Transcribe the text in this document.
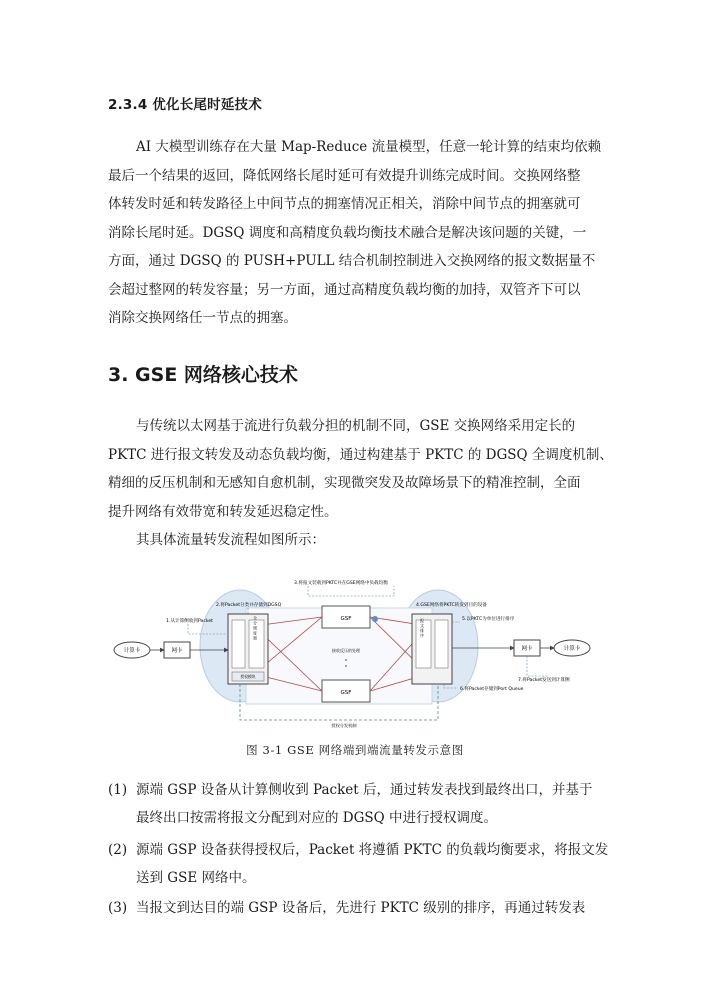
2.3.4 优化长尾时延技术
AI 大模型训练存在大量 Map-Reduce 流量模型，任意一轮计算的结束均依赖
最后一个结果的返回，降低网络长尾时延可有效提升训练完成时间。交换网络整
体转发时延和转发路径上中间节点的拥塞情况正相关，消除中间节点的拥塞就可
消除长尾时延。DGSQ 调度和高精度负载均衡技术融合是解决该问题的关键，一
方面，通过 DGSQ 的 PUSH+PULL 结合机制控制进入交换网络的报文数据量不
会超过整网的转发容量；另一方面，通过高精度负载均衡的加持，双管齐下可以
消除交换网络任一节点的拥塞。
3. GSE 网络核心技术
与传统以太网基于流进行负载分担的机制不同，GSE 交换网络采用定长的
PKTC 进行报文转发及动态负载均衡，通过构建基于 PKTC 的 DGSQ 全调度机制、
精细的反压机制和无感知自愈机制，实现微突发及故障场景下的精准控制，全面
提升网络有效带宽和转发延迟稳定性。
其具体流量转发流程如图所示：
GSF
GSF
接收反压的处理
全 分 调 度 器
授权模块
报 文 排 序
计算卡	网卡	网卡	计算卡
授权分发机制
1.从计算侧收到Packet
2.将Packet分类并存储到DGSQ
3.将报文装载到PKTC并在GSE网络中负载均衡
4.GSE网络将PKTC转发到目的设备
5.以PKTC为单位进行排序
6.将Packet存储到Port Queue
7.将Packet发送到计算侧
图 3-1 GSE 网络端到端流量转发示意图
(1) 源端 GSP 设备从计算侧收到 Packet 后，通过转发表找到最终出口，并基于
最终出口按需将报文分配到对应的 DGSQ 中进行授权调度。
(2) 源端 GSP 设备获得授权后，Packet 将遵循 PKTC 的负载均衡要求，将报文发
送到 GSE 网络中。
(3) 当报文到达目的端 GSP 设备后，先进行 PKTC 级别的排序，再通过转发表
